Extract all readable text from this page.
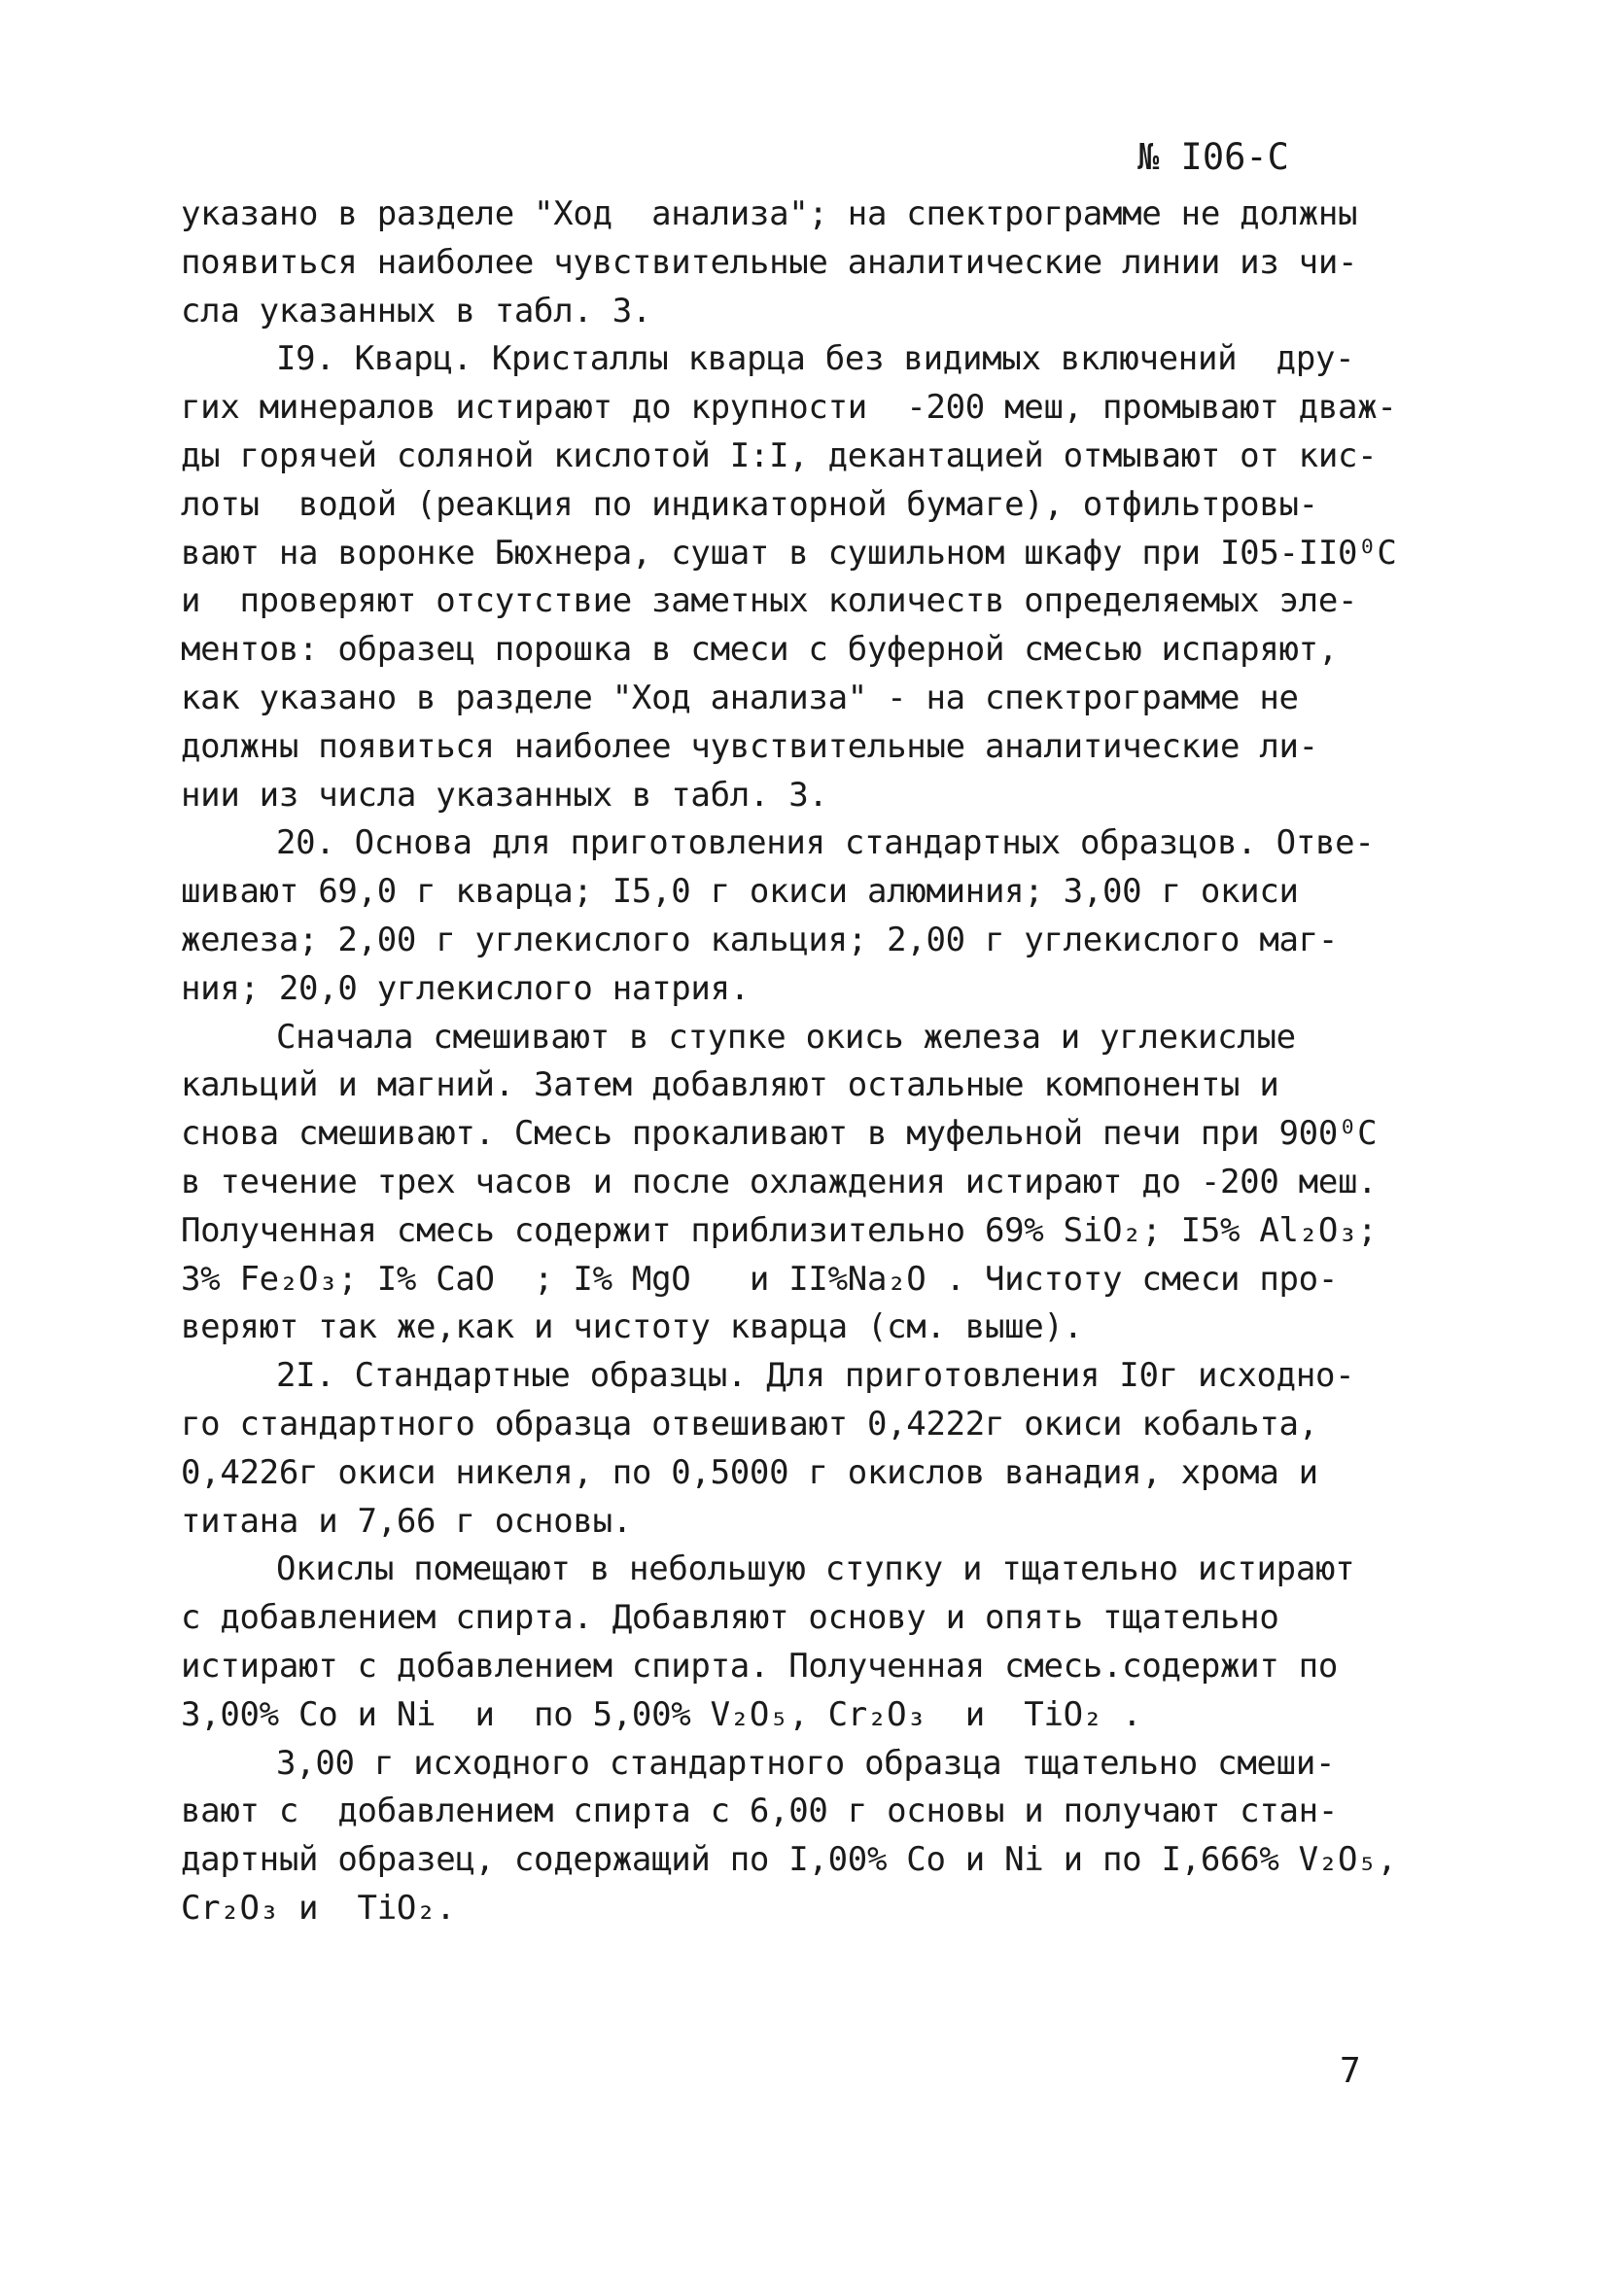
№ I06-С
указано в разделе "Ход  анализа"; на спектрограмме не должны
появиться наиболее чувствительные аналитические линии из чи-
сла указанных в табл. 3.
I9. Кварц. Кристаллы кварца без видимых включений  дру-
гих минералов истирают до крупности  -200 меш, промывают дваж-
ды горячей соляной кислотой I:I, декантацией отмывают от кис-
лоты  водой (реакция по индикаторной бумаге), отфильтровы-
вают на воронке Бюхнера, сушат в сушильном шкафу при I05-II0⁰С
и  проверяют отсутствие заметных количеств определяемых эле-
ментов: образец порошка в смеси с буферной смесью испаряют,
как указано в разделе "Ход анализа" - на спектрограмме не
должны появиться наиболее чувствительные аналитические ли-
нии из числа указанных в табл. 3.
20. Основа для приготовления стандартных образцов. Отве-
шивают 69,0 г кварца; I5,0 г окиси алюминия; 3,00 г окиси
железа; 2,00 г углекислого кальция; 2,00 г углекислого маг-
ния; 20,0 углекислого натрия.
Сначала смешивают в ступке окись железа и углекислые
кальций и магний. Затем добавляют остальные компоненты и
снова смешивают. Смесь прокаливают в муфельной печи при 900⁰С
в течение трех часов и после охлаждения истирают до -200 меш.
Полученная смесь содержит приблизительно 69% SiO₂; I5% Al₂O₃;
3% Fe₂O₃; I% CaO  ; I% MgO   и II%Na₂O . Чистоту смеси про-
веряют так же,как и чистоту кварца (см. выше).
2I. Стандартные образцы. Для приготовления I0г исходно-
го стандартного образца отвешивают 0,4222г окиси кобальта,
0,4226г окиси никеля, по 0,5000 г окислов ванадия, хрома и
титана и 7,66 г основы.
Окислы помещают в небольшую ступку и тщательно истирают
с добавлением спирта. Добавляют основу и опять тщательно
истирают с добавлением спирта. Полученная смесь.содержит по
3,00% Co и Ni  и  по 5,00% V₂O₅, Cr₂O₃  и  TiO₂ .
3,00 г исходного стандартного образца тщательно смеши-
вают с  добавлением спирта с 6,00 г основы и получают стан-
дартный образец, содержащий по I,00% Co и Ni и по I,666% V₂O₅,
Cr₂O₃ и  TiO₂.
7
